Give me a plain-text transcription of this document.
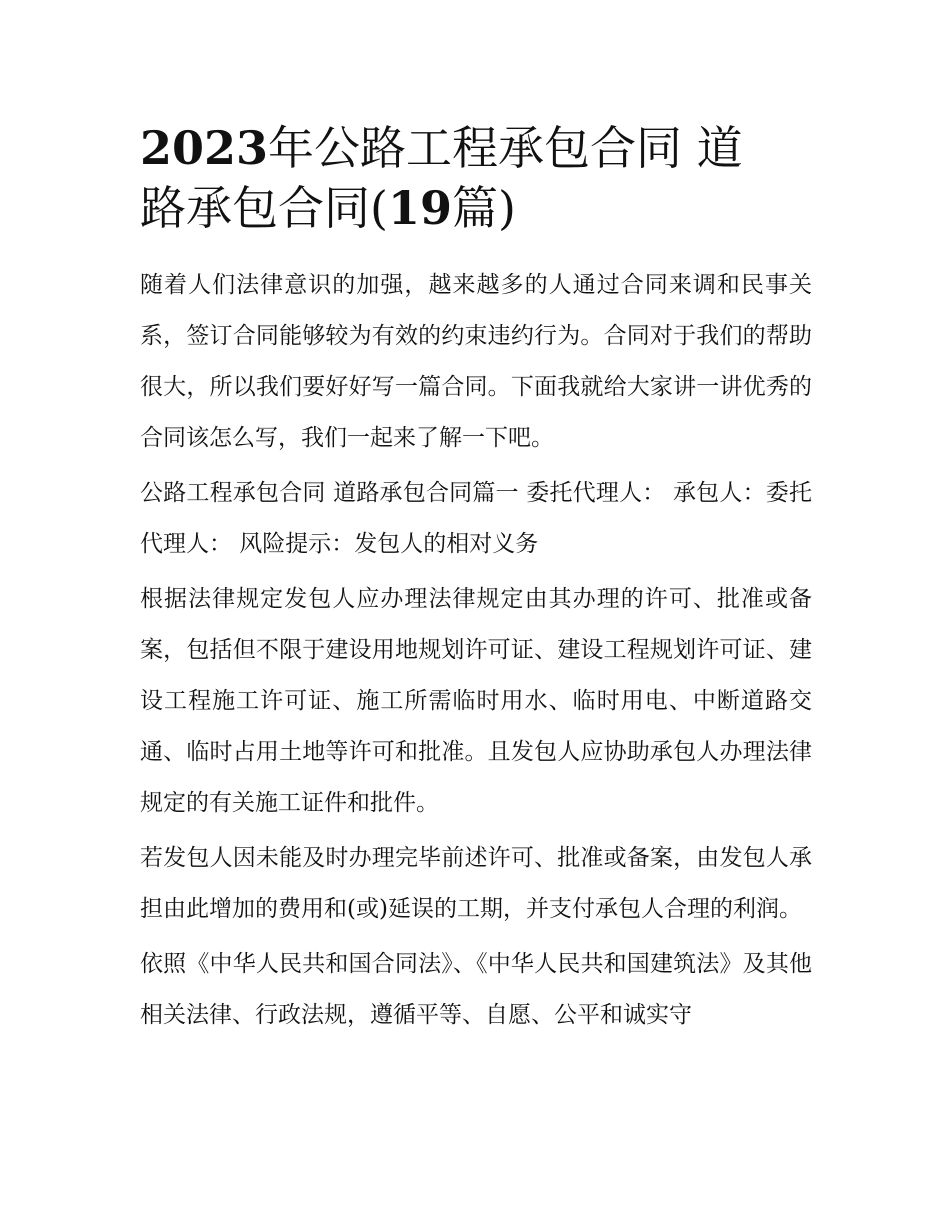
2023年公路工程承包合同 道
路承包合同(19篇)

随着人们法律意识的加强，越来越多的人通过合同来调和民事关系，签订合同能够较为有效的约束违约行为。合同对于我们的帮助很大，所以我们要好好写一篇合同。下面我就给大家讲一讲优秀的合同该怎么写，我们一起来了解一下吧。

公路工程承包合同 道路承包合同篇一 委托代理人： 承包人：委托代理人： 风险提示：发包人的相对义务

根据法律规定发包人应办理法律规定由其办理的许可、批准或备案，包括但不限于建设用地规划许可证、建设工程规划许可证、建设工程施工许可证、施工所需临时用水、临时用电、中断道路交通、临时占用土地等许可和批准。且发包人应协助承包人办理法律规定的有关施工证件和批件。

若发包人因未能及时办理完毕前述许可、批准或备案，由发包人承担由此增加的费用和(或)延误的工期，并支付承包人合理的利润。

依照《中华人民共和国合同法》、《中华人民共和国建筑法》及其他相关法律、行政法规，遵循平等、自愿、公平和诚实守
